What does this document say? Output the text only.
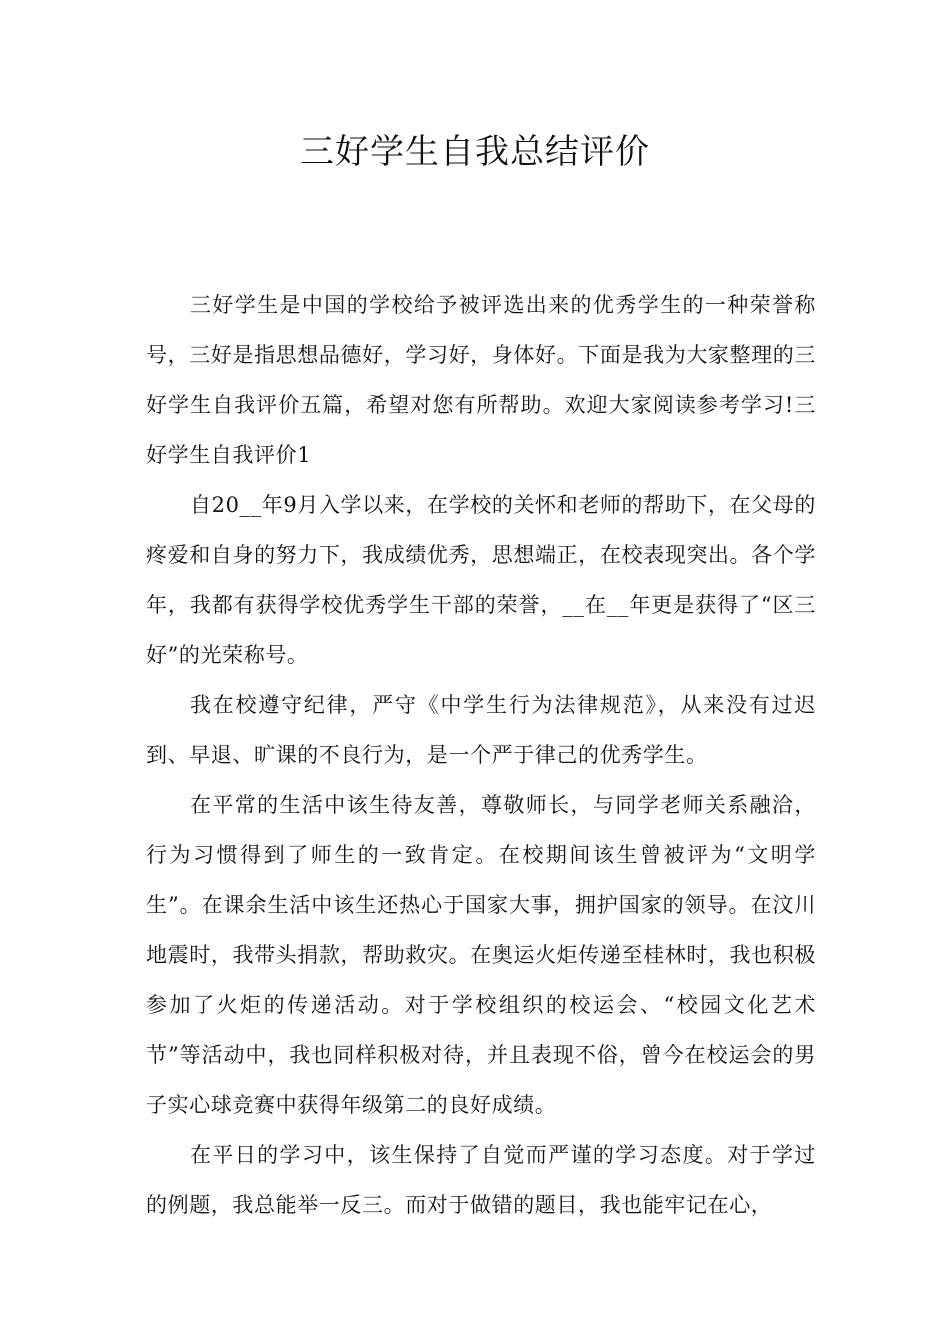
三好学生自我总结评价

三好学生是中国的学校给予被评选出来的优秀学生的一种荣誉称号，三好是指思想品德好，学习好，身体好。下面是我为大家整理的三好学生自我评价五篇，希望对您有所帮助。欢迎大家阅读参考学习!三好学生自我评价1

自20__年9月入学以来，在学校的关怀和老师的帮助下，在父母的疼爱和自身的努力下，我成绩优秀，思想端正，在校表现突出。各个学年，我都有获得学校优秀学生干部的荣誉，__在__年更是获得了“区三好”的光荣称号。

我在校遵守纪律，严守《中学生行为法律规范》，从来没有过迟到、早退、旷课的不良行为，是一个严于律己的优秀学生。

在平常的生活中该生待友善，尊敬师长，与同学老师关系融洽，行为习惯得到了师生的一致肯定。在校期间该生曾被评为“文明学生”。在课余生活中该生还热心于国家大事，拥护国家的领导。在汶川地震时，我带头捐款，帮助救灾。在奥运火炬传递至桂林时，我也积极参加了火炬的传递活动。对于学校组织的校运会、“校园文化艺术节”等活动中，我也同样积极对待，并且表现不俗，曾今在校运会的男子实心球竞赛中获得年级第二的良好成绩。

在平日的学习中，该生保持了自觉而严谨的学习态度。对于学过的例题，我总能举一反三。而对于做错的题目，我也能牢记在心，
